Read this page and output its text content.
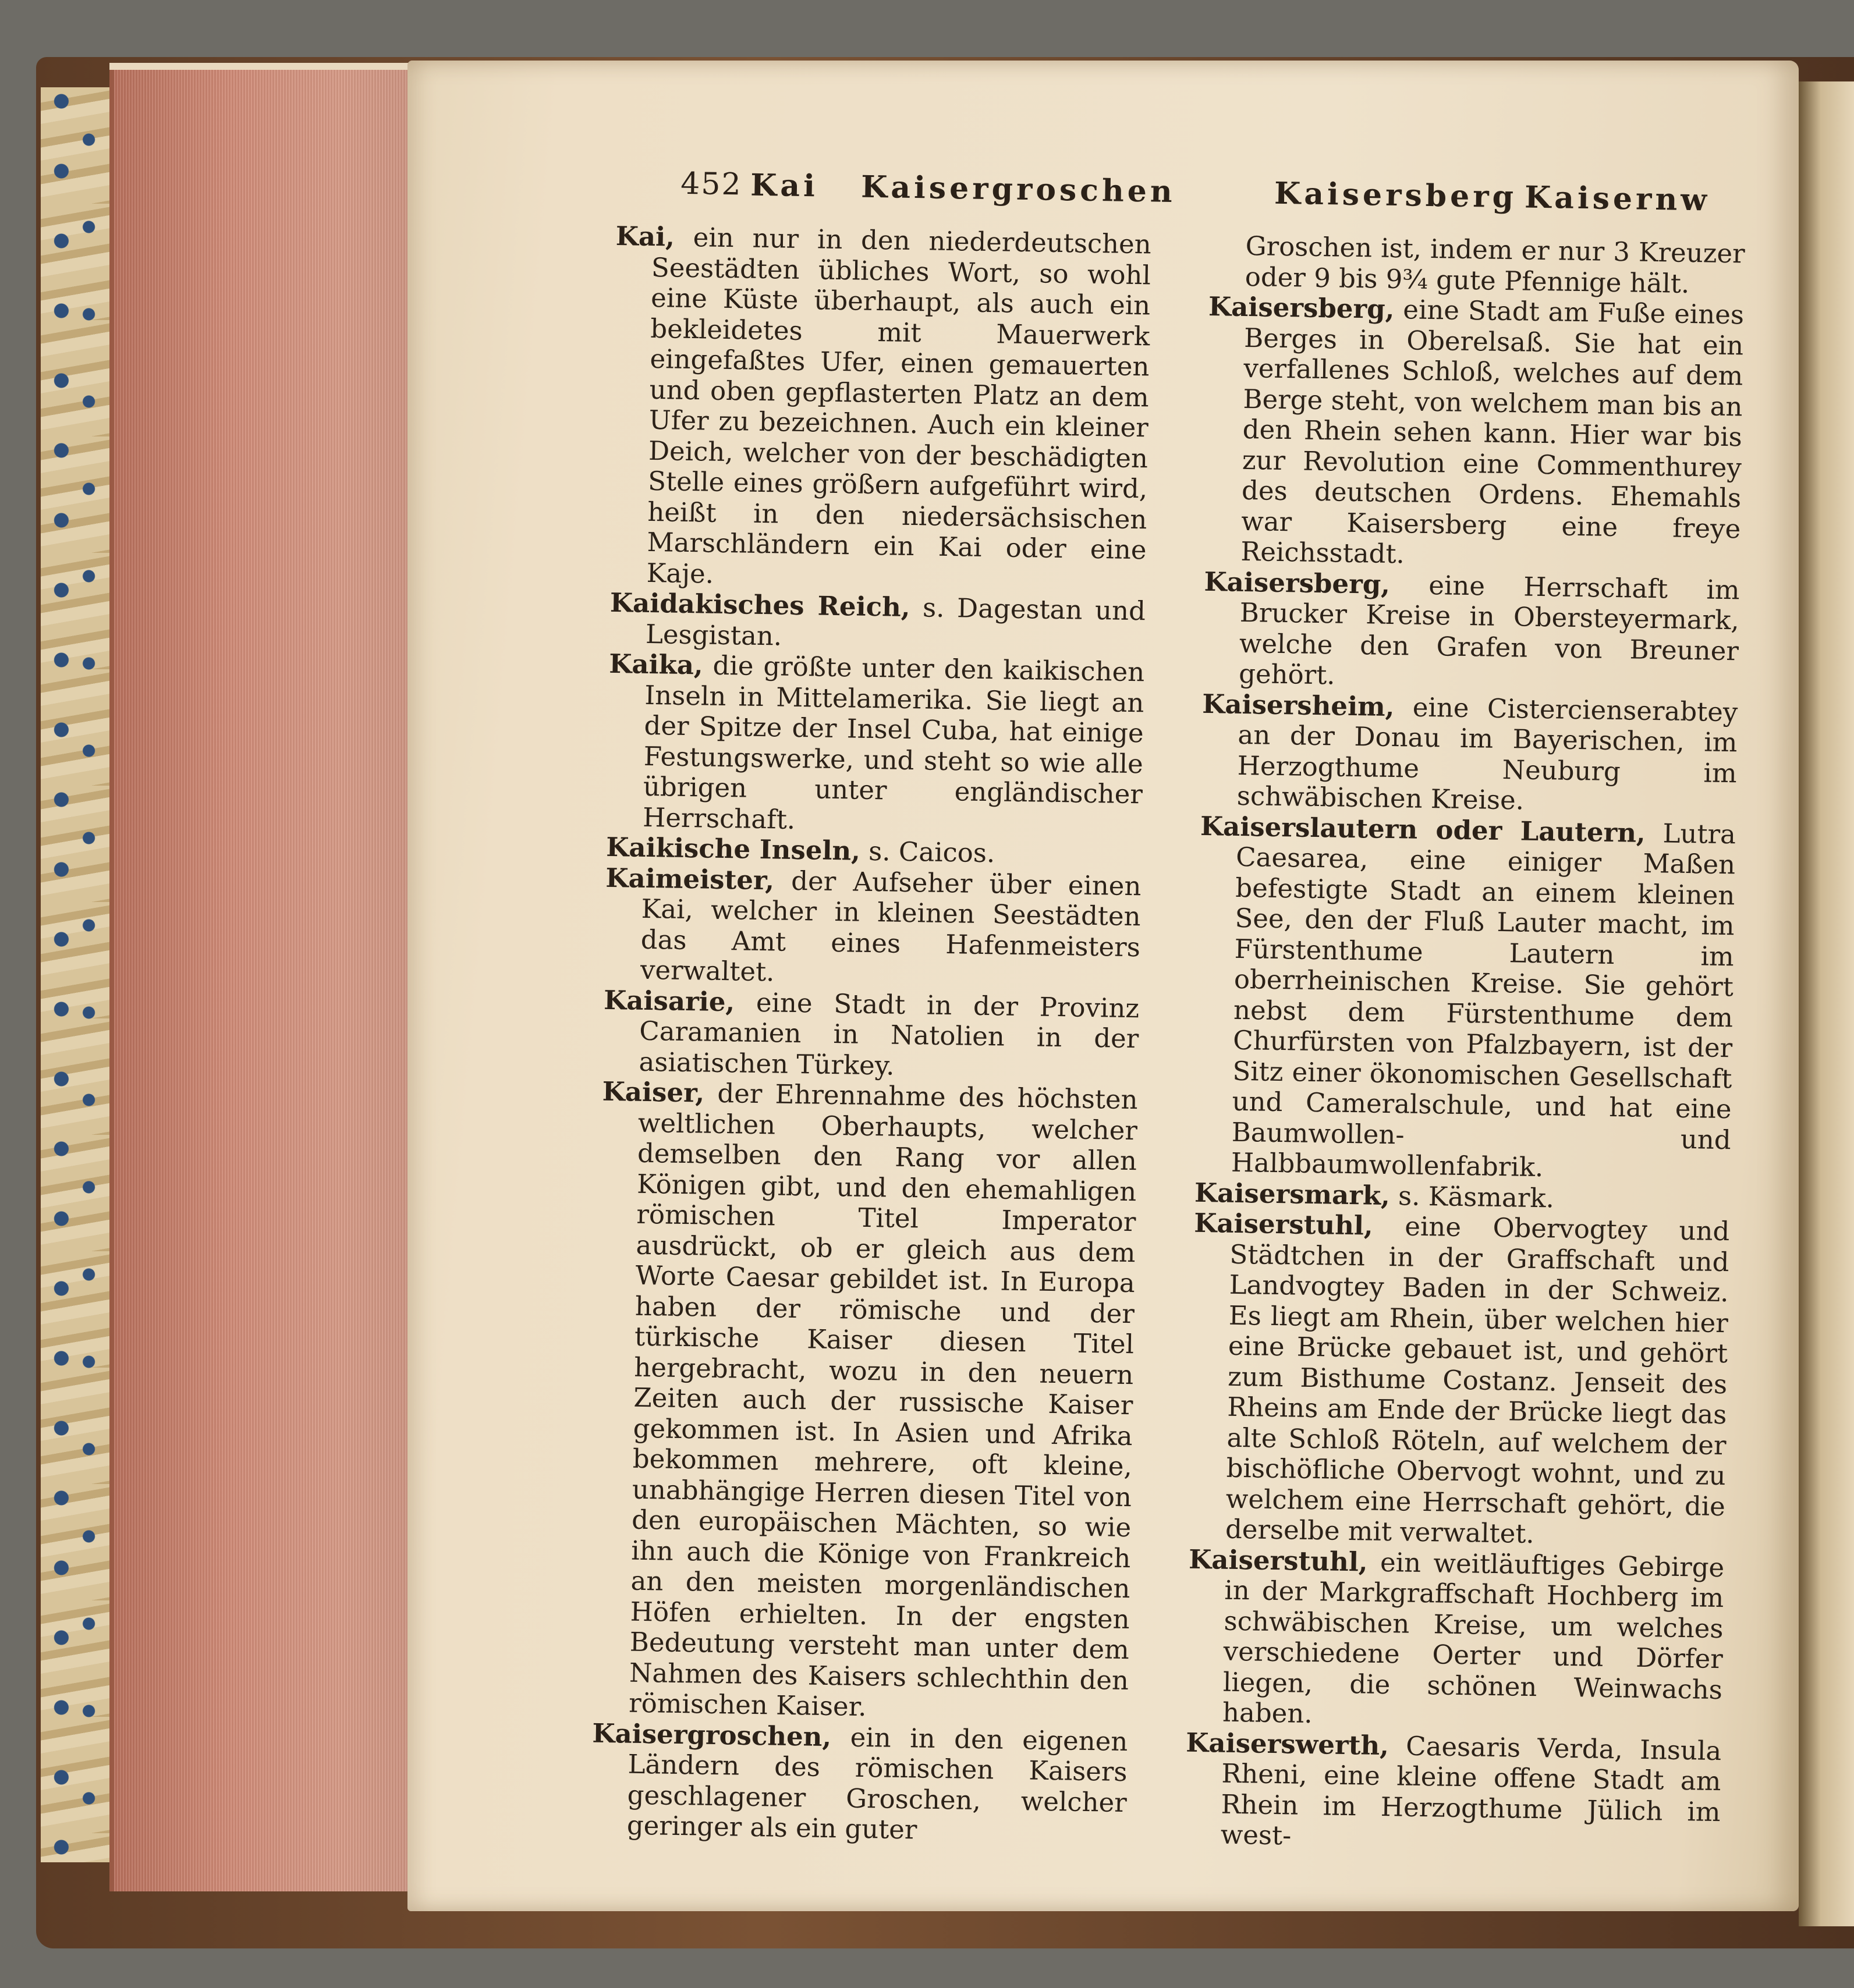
452 Kai Kaisergroschen	Kaisersberg Kaisernw

Kai, ein nur in den niederdeutschen Seestädten übliches Wort, so wohl eine Küste überhaupt, als auch ein bekleidetes mit Mauerwerk eingefaßtes Ufer, einen gemauerten und oben gepflasterten Platz an dem Ufer zu bezeichnen. Auch ein kleiner Deich, welcher von der beschädigten Stelle eines größern aufgeführt wird, heißt in den niedersächsischen Marschländern ein Kai oder eine Kaje.

Kaidakisches Reich, s. Dagestan und Lesgistan.

Kaika, die größte unter den kaikischen Inseln in Mittelamerika. Sie liegt an der Spitze der Insel Cuba, hat einige Festungswerke, und steht so wie alle übrigen unter engländischer Herrschaft.

Kaikische Inseln, s. Caicos.

Kaimeister, der Aufseher über einen Kai, welcher in kleinen Seestädten das Amt eines Hafenmeisters verwaltet.

Kaisarie, eine Stadt in der Provinz Caramanien in Natolien in der asiatischen Türkey.

Kaiser, der Ehrennahme des höchsten weltlichen Oberhaupts, welcher demselben den Rang vor allen Königen gibt, und den ehemahligen römischen Titel Imperator ausdrückt, ob er gleich aus dem Worte Caesar gebildet ist. In Europa haben der römische und der türkische Kaiser diesen Titel hergebracht, wozu in den neuern Zeiten auch der russische Kaiser gekommen ist. In Asien und Afrika bekommen mehrere, oft kleine, unabhängige Herren diesen Titel von den europäischen Mächten, so wie ihn auch die Könige von Frankreich an den meisten morgenländischen Höfen erhielten. In der engsten Bedeutung versteht man unter dem Nahmen des Kaisers schlechthin den römischen Kaiser.

Kaisergroschen, ein in den eigenen Ländern des römischen Kaisers geschlagener Groschen, welcher geringer als ein guter

Groschen ist, indem er nur 3 Kreuzer oder 9 bis 9¾ gute Pfennige hält.

Kaisersberg, eine Stadt am Fuße eines Berges in Oberelsaß. Sie hat ein verfallenes Schloß, welches auf dem Berge steht, von welchem man bis an den Rhein sehen kann. Hier war bis zur Revolution eine Commenthurey des deutschen Ordens. Ehemahls war Kaisersberg eine freye Reichsstadt.

Kaisersberg, eine Herrschaft im Brucker Kreise in Obersteyermark, welche den Grafen von Breuner gehört.

Kaisersheim, eine Cistercienserabtey an der Donau im Bayerischen, im Herzogthume Neuburg im schwäbischen Kreise.

Kaiserslautern oder Lautern, Lutra Caesarea, eine einiger Maßen befestigte Stadt an einem kleinen See, den der Fluß Lauter macht, im Fürstenthume Lautern im oberrheinischen Kreise. Sie gehört nebst dem Fürstenthume dem Churfürsten von Pfalzbayern, ist der Sitz einer ökonomischen Gesellschaft und Cameralschule, und hat eine Baumwollen- und Halbbaumwollenfabrik.

Kaisersmark, s. Käsmark.

Kaiserstuhl, eine Obervogtey und Städtchen in der Graffschaft und Landvogtey Baden in der Schweiz. Es liegt am Rhein, über welchen hier eine Brücke gebauet ist, und gehört zum Bisthume Costanz. Jenseit des Rheins am Ende der Brücke liegt das alte Schloß Röteln, auf welchem der bischöfliche Obervogt wohnt, und zu welchem eine Herrschaft gehört, die derselbe mit verwaltet.

Kaiserstuhl, ein weitläuftiges Gebirge in der Markgraffschaft Hochberg im schwäbischen Kreise, um welches verschiedene Oerter und Dörfer liegen, die schönen Weinwachs haben.

Kaiserswerth, Caesaris Verda, Insula Rheni, eine kleine offene Stadt am Rhein im Herzogthume Jülich im west-
